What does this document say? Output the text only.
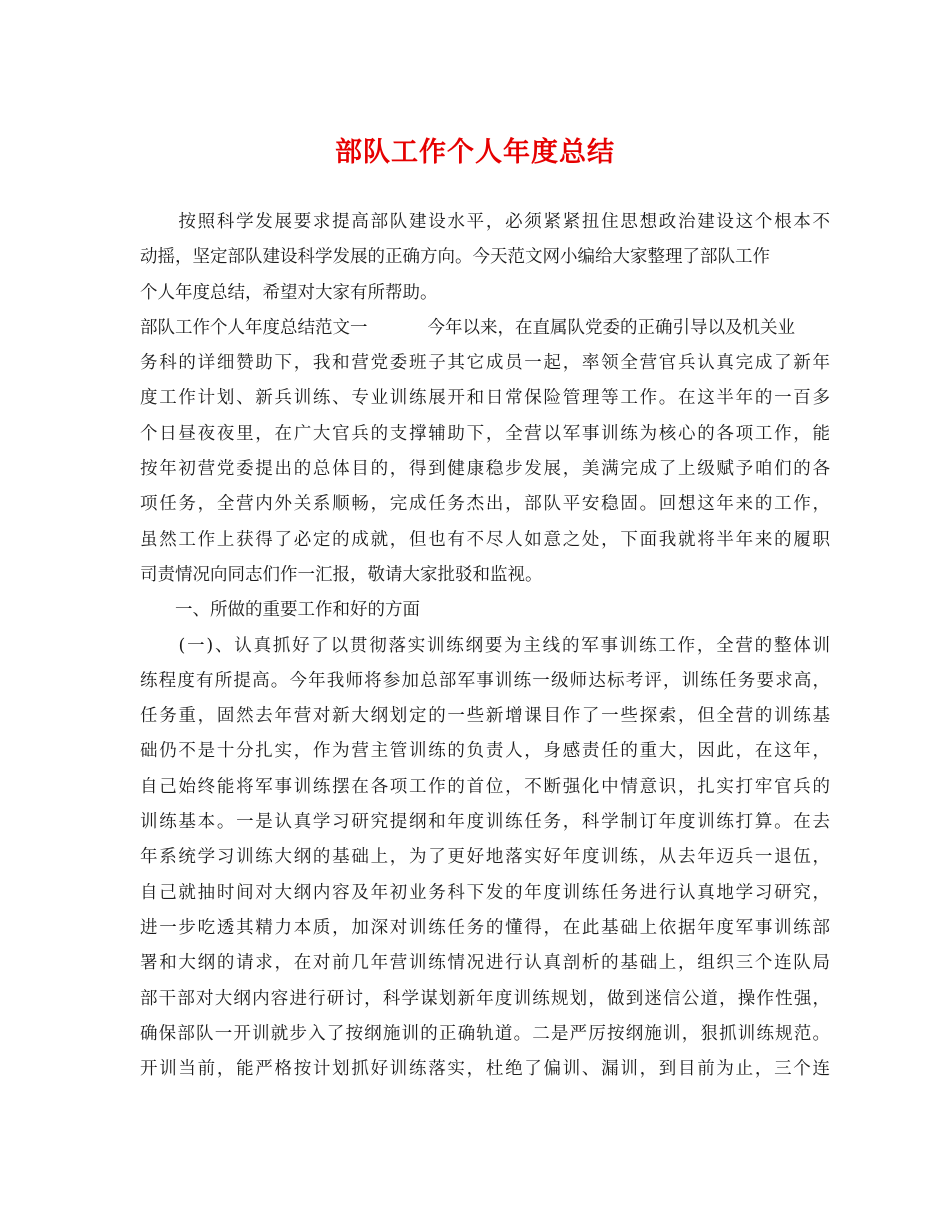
部队工作个人年度总结
　　按照科学发展要求提高部队建设水平，必须紧紧扭住思想政治建设这个根本不
动摇，坚定部队建设科学发展的正确方向。今天范文网小编给大家整理了部队工作
个人年度总结，希望对大家有所帮助。
部队工作个人年度总结范文一	今年以来，在直属队党委的正确引导以及机关业
务科的详细赞助下，我和营党委班子其它成员一起，率领全营官兵认真完成了新年
度工作计划、新兵训练、专业训练展开和日常保险管理等工作。在这半年的一百多
个日昼夜夜里，在广大官兵的支撑辅助下，全营以军事训练为核心的各项工作，能
按年初营党委提出的总体目的，得到健康稳步发展，美满完成了上级赋予咱们的各
项任务，全营内外关系顺畅，完成任务杰出，部队平安稳固。回想这年来的工作，
虽然工作上获得了必定的成就，但也有不尽人如意之处，下面我就将半年来的履职
司责情况向同志们作一汇报，敬请大家批驳和监视。
　　一、所做的重要工作和好的方面
　　(一)、认真抓好了以贯彻落实训练纲要为主线的军事训练工作，全营的整体训
练程度有所提高。今年我师将参加总部军事训练一级师达标考评，训练任务要求高，
任务重，固然去年营对新大纲划定的一些新增课目作了一些探索，但全营的训练基
础仍不是十分扎实，作为营主管训练的负责人，身感责任的重大，因此，在这年，
自己始终能将军事训练摆在各项工作的首位，不断强化中情意识，扎实打牢官兵的
训练基本。一是认真学习研究提纲和年度训练任务，科学制订年度训练打算。在去
年系统学习训练大纲的基础上，为了更好地落实好年度训练，从去年迈兵一退伍，
自己就抽时间对大纲内容及年初业务科下发的年度训练任务进行认真地学习研究，
进一步吃透其精力本质，加深对训练任务的懂得，在此基础上依据年度军事训练部
署和大纲的请求，在对前几年营训练情况进行认真剖析的基础上，组织三个连队局
部干部对大纲内容进行研讨，科学谋划新年度训练规划，做到迷信公道，操作性强，
确保部队一开训就步入了按纲施训的正确轨道。二是严厉按纲施训，狠抓训练规范。
开训当前，能严格按计划抓好训练落实，杜绝了偏训、漏训，到目前为止，三个连
